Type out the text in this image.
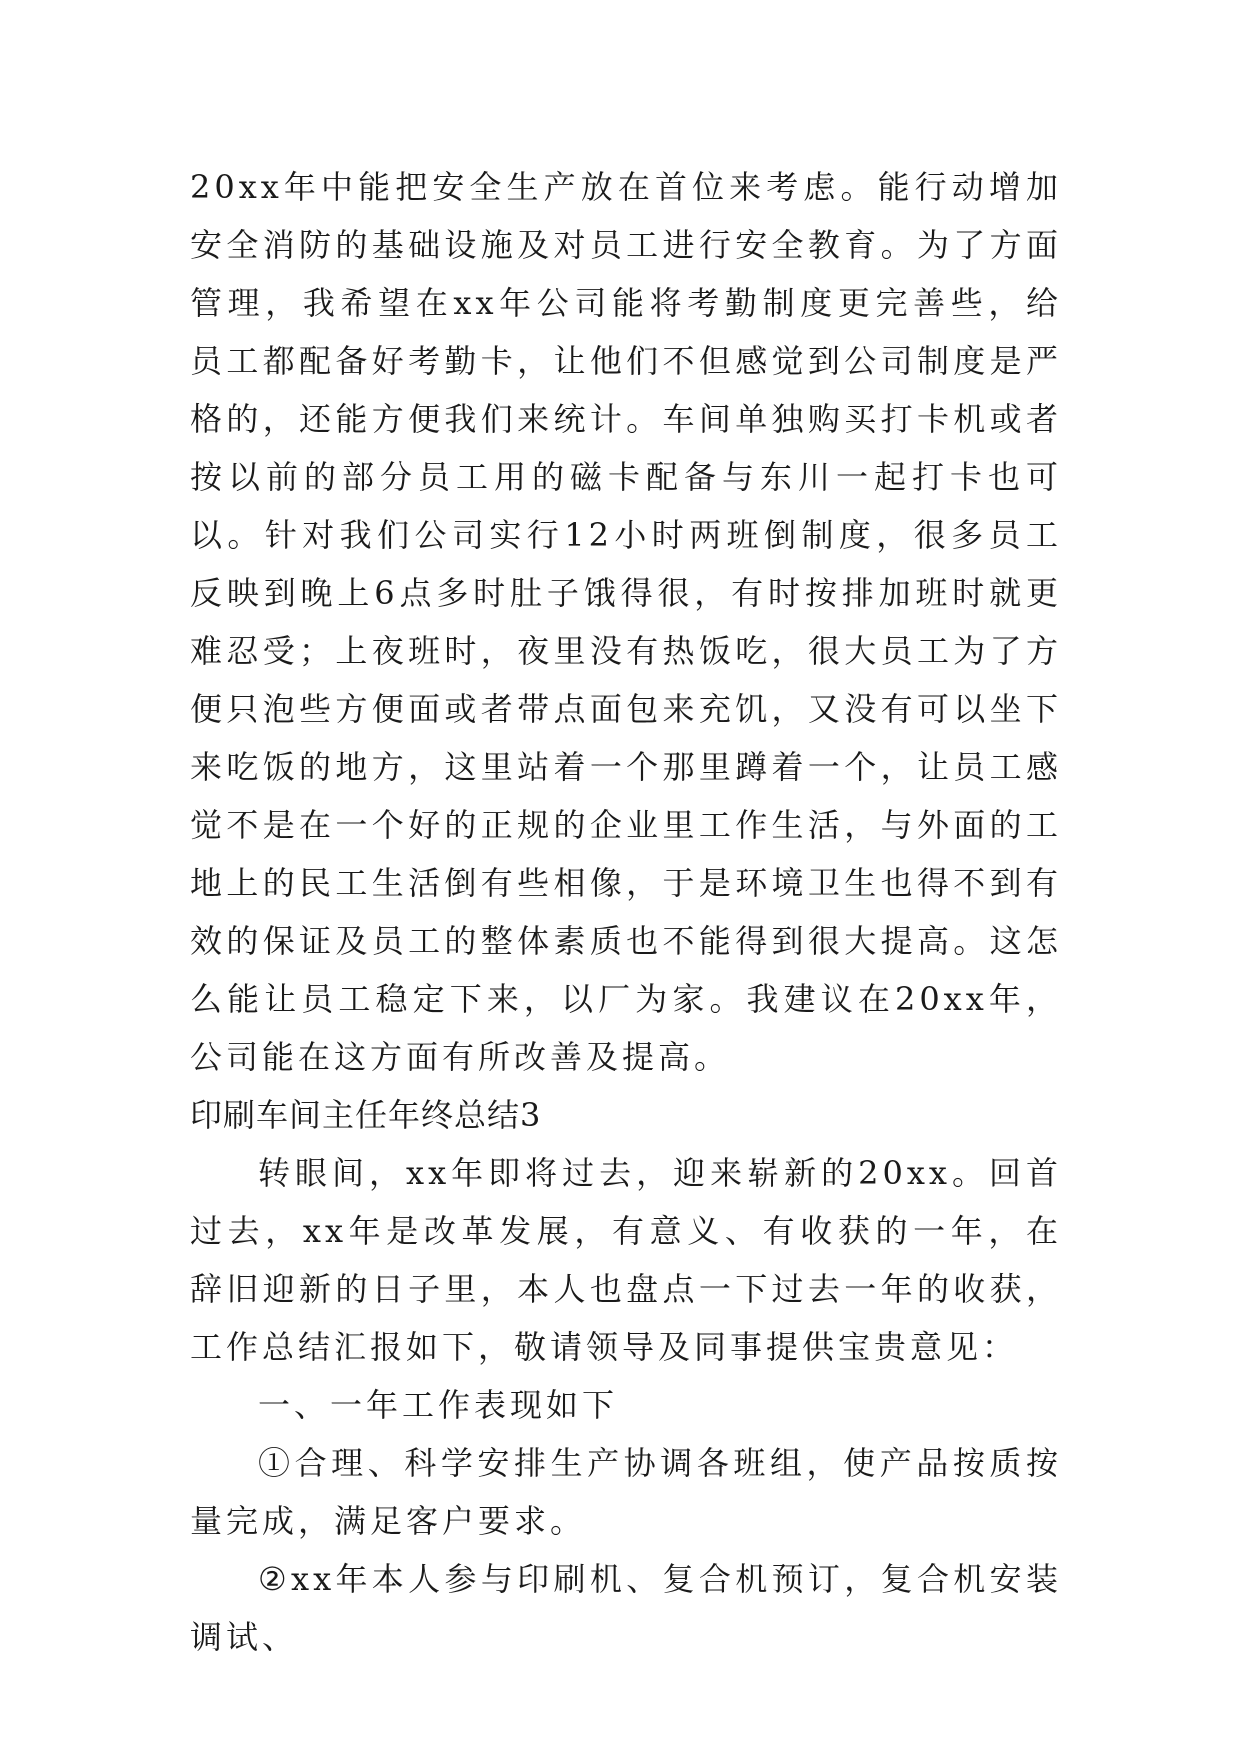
20xx年中能把安全生产放在首位来考虑。能行动增加安全消防的基础设施及对员工进行安全教育。为了方面管理，我希望在xx年公司能将考勤制度更完善些，给员工都配备好考勤卡，让他们不但感觉到公司制度是严格的，还能方便我们来统计。车间单独购买打卡机或者按以前的部分员工用的磁卡配备与东川一起打卡也可以。针对我们公司实行12小时两班倒制度，很多员工反映到晚上6点多时肚子饿得很，有时按排加班时就更难忍受；上夜班时，夜里没有热饭吃，很大员工为了方便只泡些方便面或者带点面包来充饥，又没有可以坐下来吃饭的地方，这里站着一个那里蹲着一个，让员工感觉不是在一个好的正规的企业里工作生活，与外面的工地上的民工生活倒有些相像，于是环境卫生也得不到有效的保证及员工的整体素质也不能得到很大提高。这怎么能让员工稳定下来，以厂为家。我建议在20xx年，公司能在这方面有所改善及提高。

印刷车间主任年终总结3

转眼间，xx年即将过去，迎来崭新的20xx。回首过去，xx年是改革发展，有意义、有收获的一年，在辞旧迎新的日子里，本人也盘点一下过去一年的收获，工作总结汇报如下，敬请领导及同事提供宝贵意见：

一、一年工作表现如下

①合理、科学安排生产协调各班组，使产品按质按量完成，满足客户要求。

②xx年本人参与印刷机、复合机预订，复合机安装调试、
